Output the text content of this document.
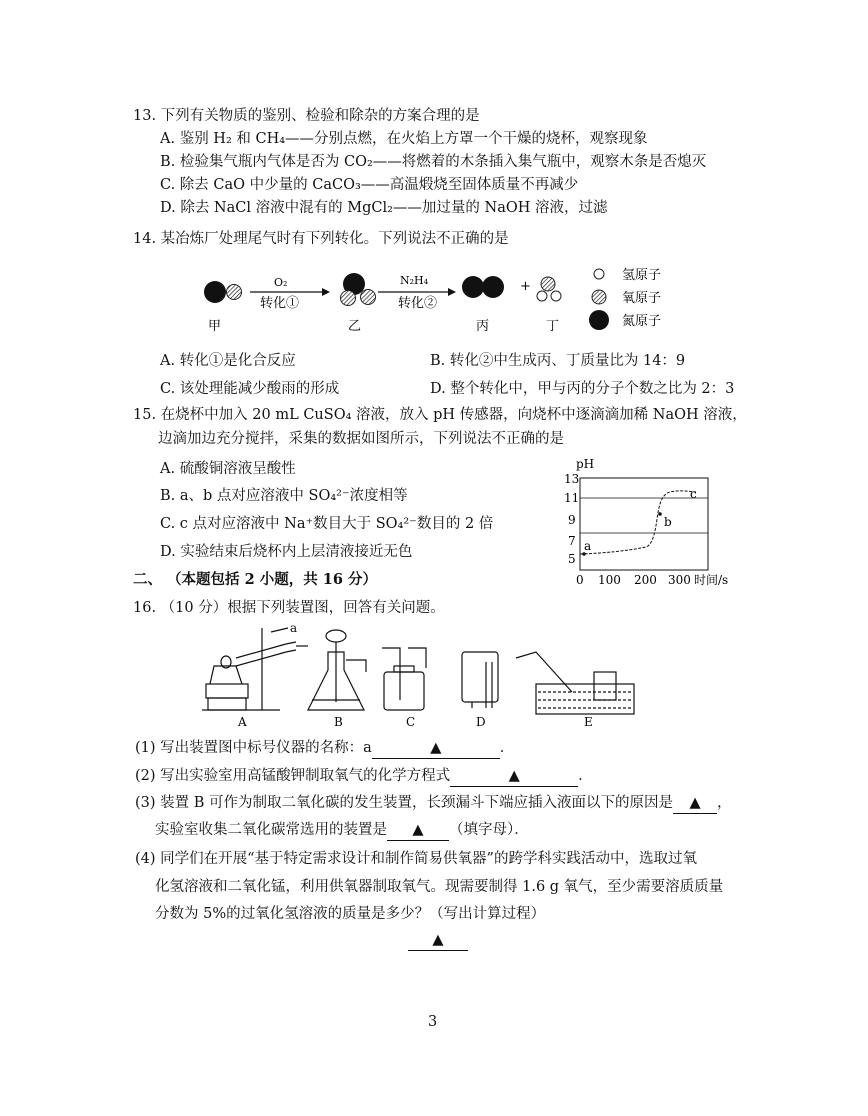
13. 下列有关物质的鉴别、检验和除杂的方案合理的是
A. 鉴别 H₂ 和 CH₄——分别点燃，在火焰上方罩一个干燥的烧杯，观察现象
B. 检验集气瓶内气体是否为 CO₂——将燃着的木条插入集气瓶中，观察木条是否熄灭
C. 除去 CaO 中少量的 CaCO₃——高温煅烧至固体质量不再减少
D. 除去 NaCl 溶液中混有的 MgCl₂——加过量的 NaOH 溶液，过滤
14. 某冶炼厂处理尾气时有下列转化。下列说法不正确的是
O₂
转化①
N₂H₄
转化②
+
氢原子
氧原子
氮原子
甲	乙	丙	丁
A. 转化①是化合反应	B. 转化②中生成丙、丁质量比为 14：9
C. 该处理能减少酸雨的形成	D. 整个转化中，甲与丙的分子个数之比为 2：3
15. 在烧杯中加入 20 mL CuSO₄ 溶液，放入 pH 传感器，向烧杯中逐滴滴加稀 NaOH 溶液，
边滴加边充分搅拌，采集的数据如图所示，下列说法不正确的是
A. 硫酸铜溶液呈酸性
B. a、b 点对应溶液中 SO₄²⁻浓度相等
C. c 点对应溶液中 Na⁺数目大于 SO₄²⁻数目的 2 倍
D. 实验结束后烧杯内上层清液接近无色
pH
13
11
9
7
5
0 100 200 300 时间/s
a
b
c
二、 （本题包括 2 小题，共 16 分）
16. （10 分）根据下列装置图，回答有关问题。
a
A	B	C	D	E
(1) 写出装置图中标号仪器的名称：a	▲	．
(2) 写出实验室用高锰酸钾制取氧气的化学方程式	▲	．
(3) 装置 B 可作为制取二氧化碳的发生装置，长颈漏斗下端应插入液面以下的原因是 ▲ ，
实验室收集二氧化碳常选用的装置是 ▲ （填字母）．
(4) 同学们在开展“基于特定需求设计和制作简易供氧器”的跨学科实践活动中，选取过氧
化氢溶液和二氧化锰，利用供氧器制取氧气。现需要制得 1.6 g 氧气，至少需要溶质质量
分数为 5%的过氧化氢溶液的质量是多少？（写出计算过程）
▲
3
